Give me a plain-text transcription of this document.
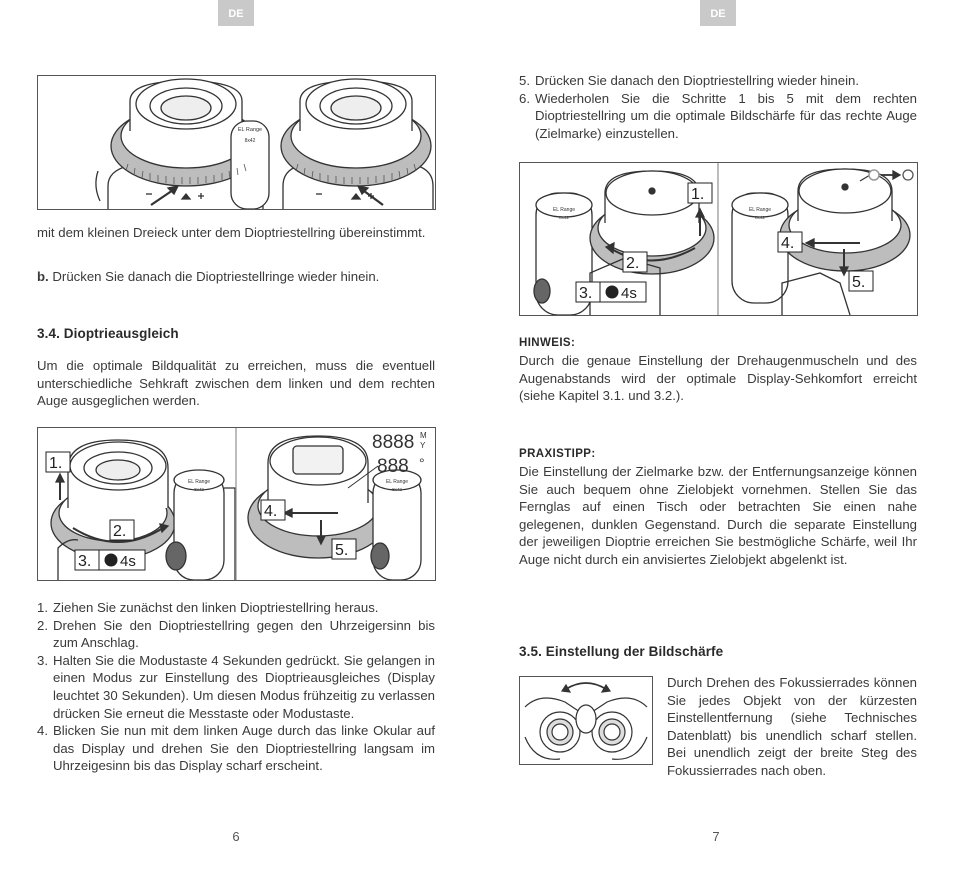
DE
EL Range
8x42

mit dem kleinen Dreieck unter dem Dioptriestellring übereinstimmt.

b. Drücken Sie danach die Dioptriestellringe wieder hinein.

3.4. Dioptrieausgleich

Um die optimale Bildqualität zu erreichen, muss die eventuell unterschiedliche Sehkraft zwischen dem linken und dem rechten Auge ausgeglichen werden.

8888 M
Y
888 °
EL Range
8x42
EL Range
8x42
1.
2.
3. 4s
4.
5.
1. Ziehen Sie zunächst den linken Dioptriestellring heraus.
2. Drehen Sie den Dioptriestellring gegen den Uhrzeigersinn bis zum Anschlag.
3. Halten Sie die Modustaste 4 Sekunden gedrückt. Sie gelangen in einen Modus zur Einstellung des Dioptrieausgleiches (Display leuchtet 30 Sekunden). Um diesen Modus frühzeitig zu verlassen drücken Sie erneut die Messtaste oder Modustaste.
4. Blicken Sie nun mit dem linken Auge durch das linke Okular auf das Display und drehen Sie den Dioptriestellring langsam im Uhrzeigesinn bis das Display scharf erscheint.
6
DE
5. Drücken Sie danach den Dioptriestellring wieder hinein.
6. Wiederholen Sie die Schritte 1 bis 5 mit dem rechten Dioptriestellring um die optimale Bildschärfe für das rechte Auge (Zielmarke) einzustellen.
EL Range
8x42
EL Range
8x42
1.
2.
3. 4s
4.
5.
HINWEIS:

Durch die genaue Einstellung der Drehaugenmuscheln und des Augenabstands wird der optimale Display-Sehkomfort erreicht (siehe Kapitel 3.1. und 3.2.).

PRAXISTIPP:

Die Einstellung der Zielmarke bzw. der Entfernungsanzeige können Sie auch bequem ohne Zielobjekt vornehmen. Stellen Sie das Fernglas auf einen Tisch oder betrachten Sie einen nahe gelegenen, dunklen Gegenstand. Durch die separate Einstellung der jeweiligen Dioptrie erreichen Sie bestmögliche Schärfe, weil Ihr Auge nicht durch ein anvisiertes Zielobjekt abgelenkt ist.

3.5. Einstellung der Bildschärfe

Durch Drehen des Fokussierrades können Sie jedes Objekt von der kürzesten Einstellentfernung (siehe Technisches Datenblatt) bis unendlich scharf stellen. Bei unendlich zeigt der breite Steg des Fokussierrades nach oben.

7
